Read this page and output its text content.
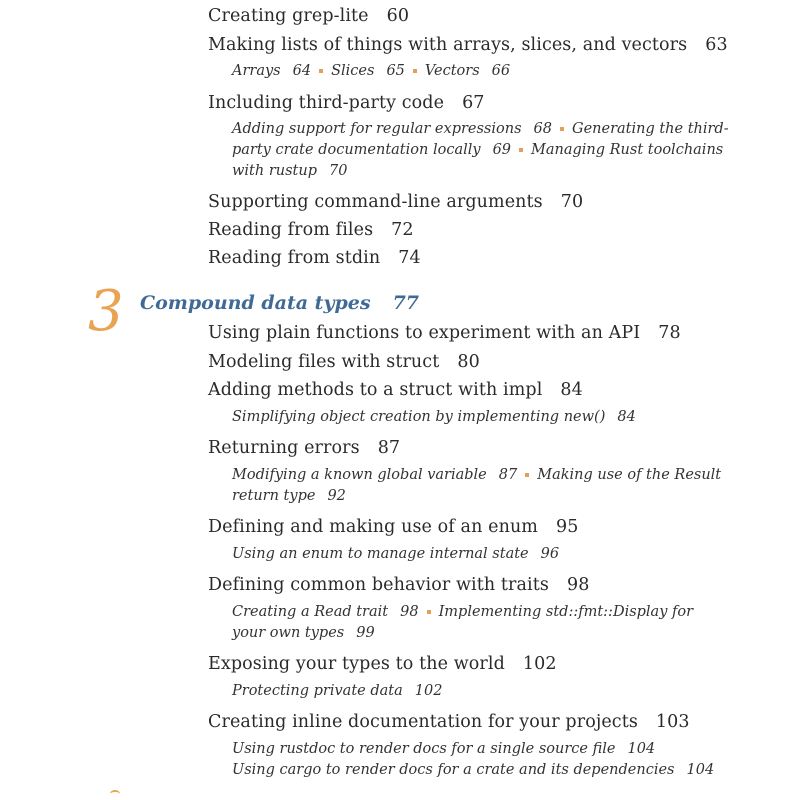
Creating grep-lite 60
Making lists of things with arrays, slices, and vectors 63
Arrays 64 Slices 65 Vectors 66
Including third-party code 67
Adding support for regular expressions 68 Generating the third-
party crate documentation locally 69 Managing Rust toolchains
with rustup 70
Supporting command-line arguments 70
Reading from files 72
Reading from stdin 74
3 Compound data types 77
Using plain functions to experiment with an API 78
Modeling files with struct 80
Adding methods to a struct with impl 84
Simplifying object creation by implementing new() 84
Returning errors 87
Modifying a known global variable 87 Making use of the Result
return type 92
Defining and making use of an enum 95
Using an enum to manage internal state 96
Defining common behavior with traits 98
Creating a Read trait 98 Implementing std::fmt::Display for
your own types 99
Exposing your types to the world 102
Protecting private data 102
Creating inline documentation for your projects 103
Using rustdoc to render docs for a single source file 104
Using cargo to render docs for a crate and its dependencies 104
